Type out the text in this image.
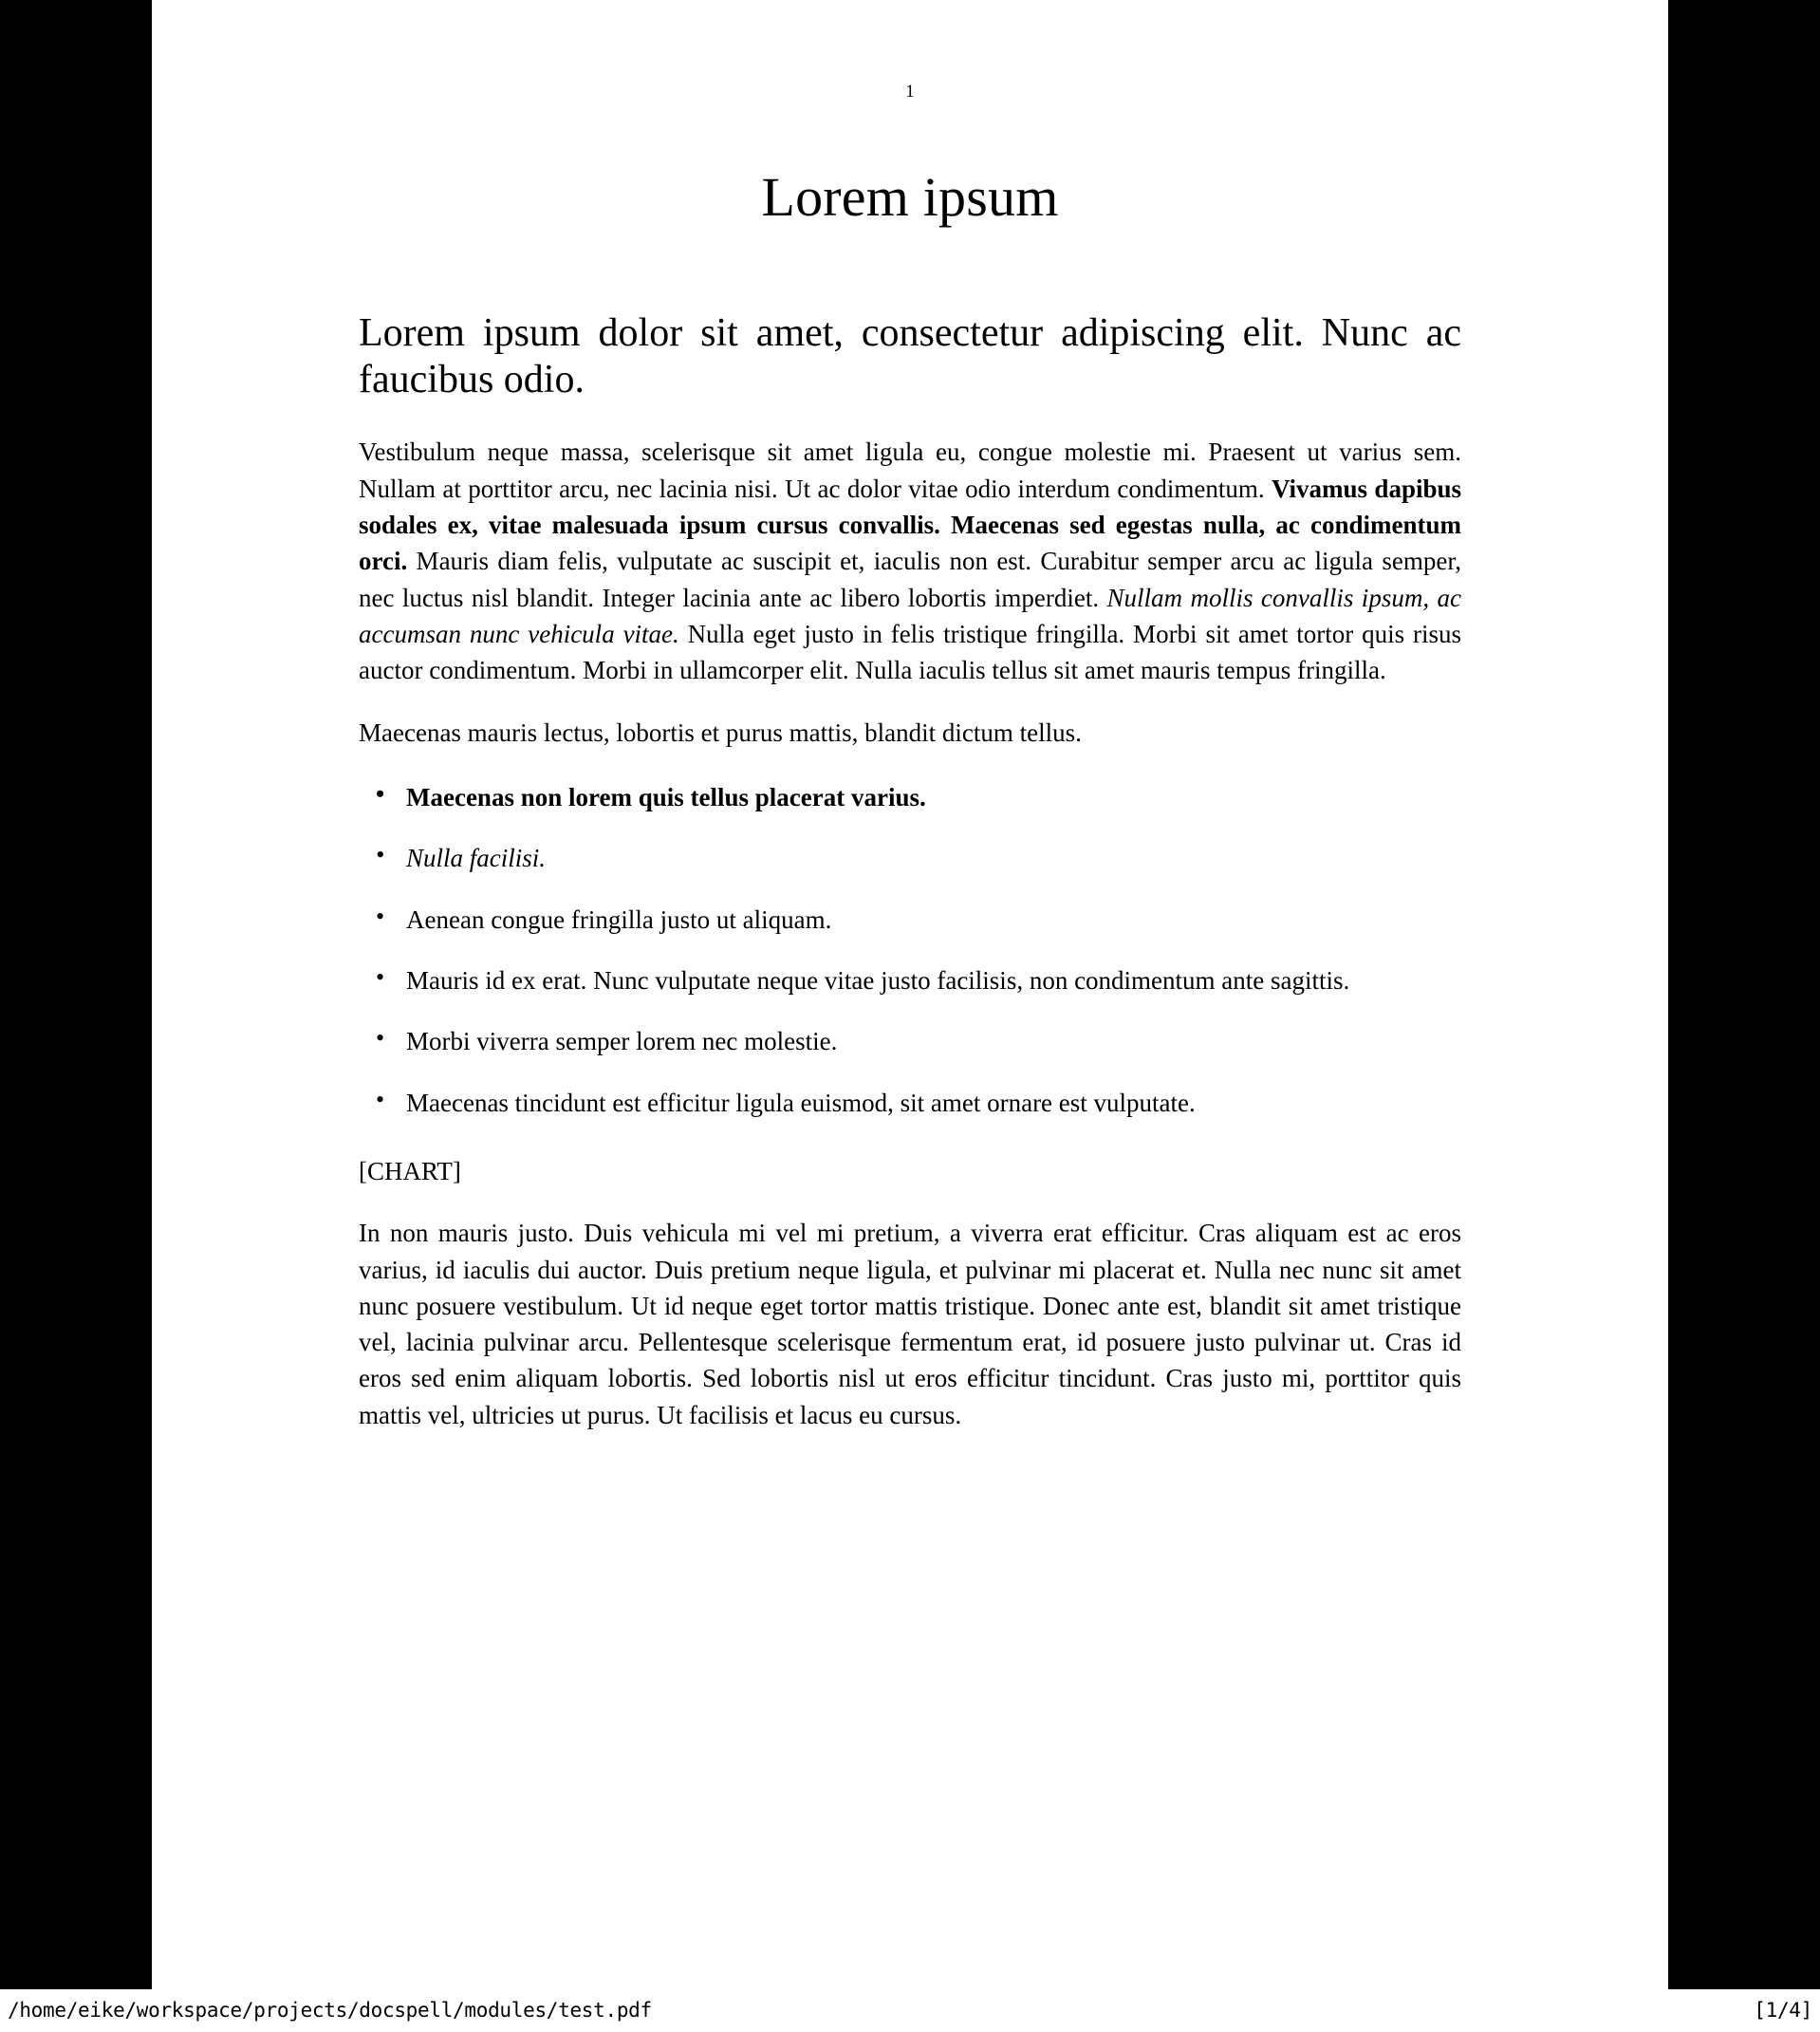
1
Lorem ipsum
Lorem ipsum dolor sit amet, consectetur adipiscing elit. Nunc ac faucibus odio.

Vestibulum neque massa, scelerisque sit amet ligula eu, congue molestie mi. Praesent ut varius sem. Nullam at porttitor arcu, nec lacinia nisi. Ut ac dolor vitae odio interdum condimentum. Vivamus dapibus sodales ex, vitae malesuada ipsum cursus convallis. Maecenas sed egestas nulla, ac condimentum orci. Mauris diam felis, vulputate ac suscipit et, iaculis non est. Curabitur semper arcu ac ligula semper, nec luctus nisl blandit. Integer lacinia ante ac libero lobortis imperdiet. Nullam mollis convallis ipsum, ac accumsan nunc vehicula vitae. Nulla eget justo in felis tristique fringilla. Morbi sit amet tortor quis risus auctor condimentum. Morbi in ullamcorper elit. Nulla iaculis tellus sit amet mauris tempus fringilla.

Maecenas mauris lectus, lobortis et purus mattis, blandit dictum tellus.

• Maecenas non lorem quis tellus placerat varius.
• Nulla facilisi.
• Aenean congue fringilla justo ut aliquam.
• Mauris id ex erat. Nunc vulputate neque vitae justo facilisis, non condimentum ante sagittis.
• Morbi viverra semper lorem nec molestie.
• Maecenas tincidunt est efficitur ligula euismod, sit amet ornare est vulputate.

[CHART]

In non mauris justo. Duis vehicula mi vel mi pretium, a viverra erat efficitur. Cras aliquam est ac eros varius, id iaculis dui auctor. Duis pretium neque ligula, et pulvinar mi placerat et. Nulla nec nunc sit amet nunc posuere vestibulum. Ut id neque eget tortor mattis tristique. Donec ante est, blandit sit amet tristique vel, lacinia pulvinar arcu. Pellentesque scelerisque fermentum erat, id posuere justo pulvinar ut. Cras id eros sed enim aliquam lobortis. Sed lobortis nisl ut eros efficitur tincidunt. Cras justo mi, porttitor quis mattis vel, ultricies ut purus. Ut facilisis et lacus eu cursus.

/home/eike/workspace/projects/docspell/modules/test.pdf	[1/4]
